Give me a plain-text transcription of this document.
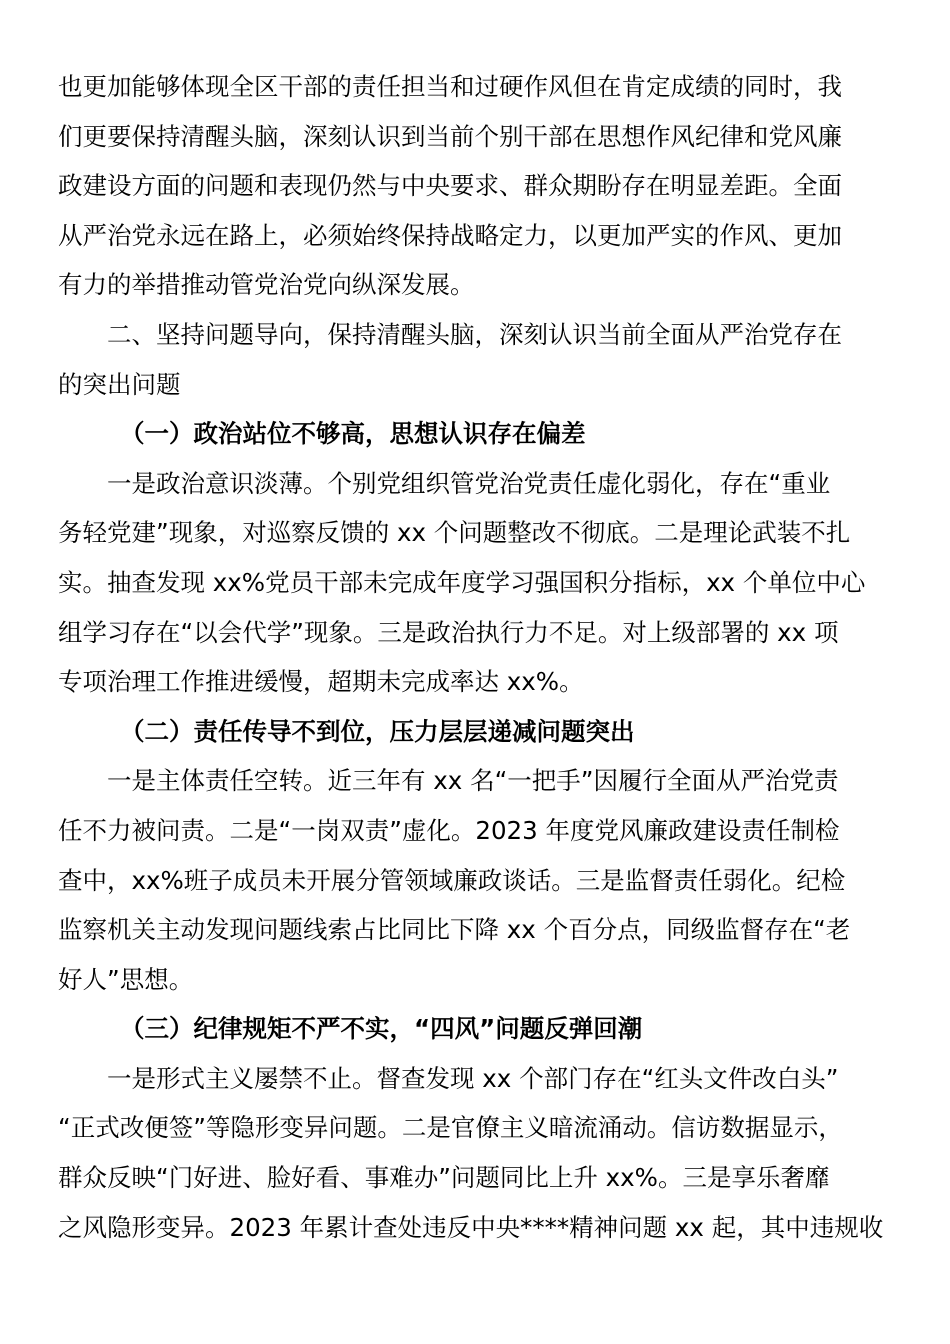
也更加能够体现全区干部的责任担当和过硬作风但在肯定成绩的同时，我
们更要保持清醒头脑，深刻认识到当前个别干部在思想作风纪律和党风廉
政建设方面的问题和表现仍然与中央要求、群众期盼存在明显差距。全面
从严治党永远在路上，必须始终保持战略定力，以更加严实的作风、更加
有力的举措推动管党治党向纵深发展。
二、坚持问题导向，保持清醒头脑，深刻认识当前全面从严治党存在
的突出问题
（一）政治站位不够高，思想认识存在偏差
一是政治意识淡薄。个别党组织管党治党责任虚化弱化，存在“重业
务轻党建”现象，对巡察反馈的 xx 个问题整改不彻底。二是理论武装不扎
实。抽查发现 xx%党员干部未完成年度学习强国积分指标，xx 个单位中心
组学习存在“以会代学”现象。三是政治执行力不足。对上级部署的 xx 项
专项治理工作推进缓慢，超期未完成率达 xx%。
（二）责任传导不到位，压力层层递减问题突出
一是主体责任空转。近三年有 xx 名“一把手”因履行全面从严治党责
任不力被问责。二是“一岗双责”虚化。2023 年度党风廉政建设责任制检
查中，xx%班子成员未开展分管领域廉政谈话。三是监督责任弱化。纪检
监察机关主动发现问题线索占比同比下降 xx 个百分点，同级监督存在“老
好人”思想。
（三）纪律规矩不严不实，“四风”问题反弹回潮
一是形式主义屡禁不止。督查发现 xx 个部门存在“红头文件改白头”
“正式改便签”等隐形变异问题。二是官僚主义暗流涌动。信访数据显示，
群众反映“门好进、脸好看、事难办”问题同比上升 xx%。三是享乐奢靡
之风隐形变异。2023 年累计查处违反中央****精神问题 xx 起，其中违规收
